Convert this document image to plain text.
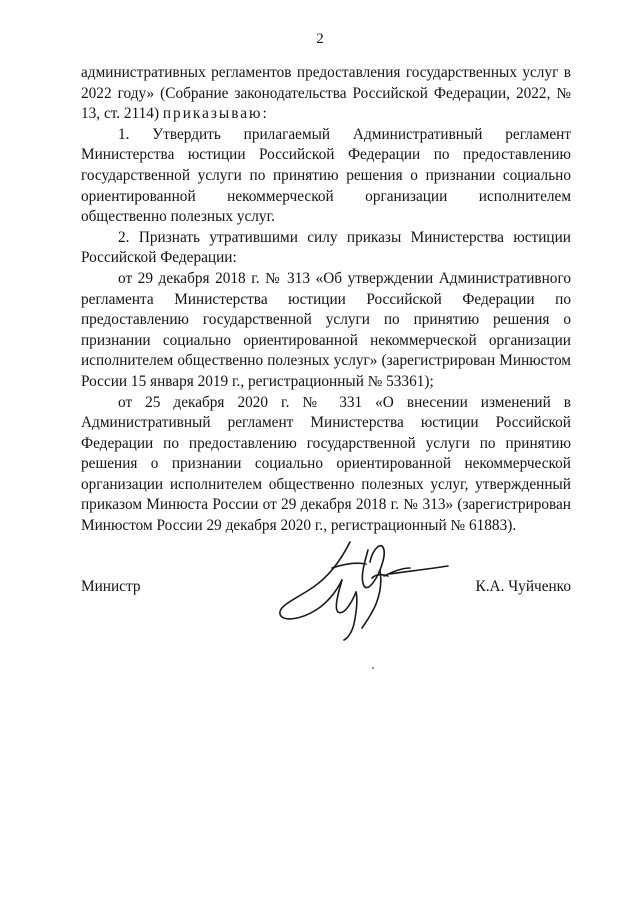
2

административных регламентов предоставления государственных услуг в 2022 году» (Собрание законодательства Российской Федерации, 2022, № 13, ст. 2114) приказываю:

1. Утвердить прилагаемый Административный регламент Министерства юстиции Российской Федерации по предоставлению государственной услуги по принятию решения о признании социально ориентированной некоммерческой организации исполнителем общественно полезных услуг.

2. Признать утратившими силу приказы Министерства юстиции Российской Федерации:

от 29 декабря 2018 г. № 313 «Об утверждении Административного регламента Министерства юстиции Российской Федерации по предоставлению государственной услуги по принятию решения о признании социально ориентированной некоммерческой организации исполнителем общественно полезных услуг» (зарегистрирован Минюстом России 15 января 2019 г., регистрационный № 53361);

от 25 декабря 2020 г. № 331 «О внесении изменений в Административный регламент Министерства юстиции Российской Федерации по предоставлению государственной услуги по принятию решения о признании социально ориентированной некоммерческой организации исполнителем общественно полезных услуг, утвержденный приказом Минюста России от 29 декабря 2018 г. № 313» (зарегистрирован Минюстом России 29 декабря 2020 г., регистрационный № 61883).

Министр	К.А. Чуйченко
